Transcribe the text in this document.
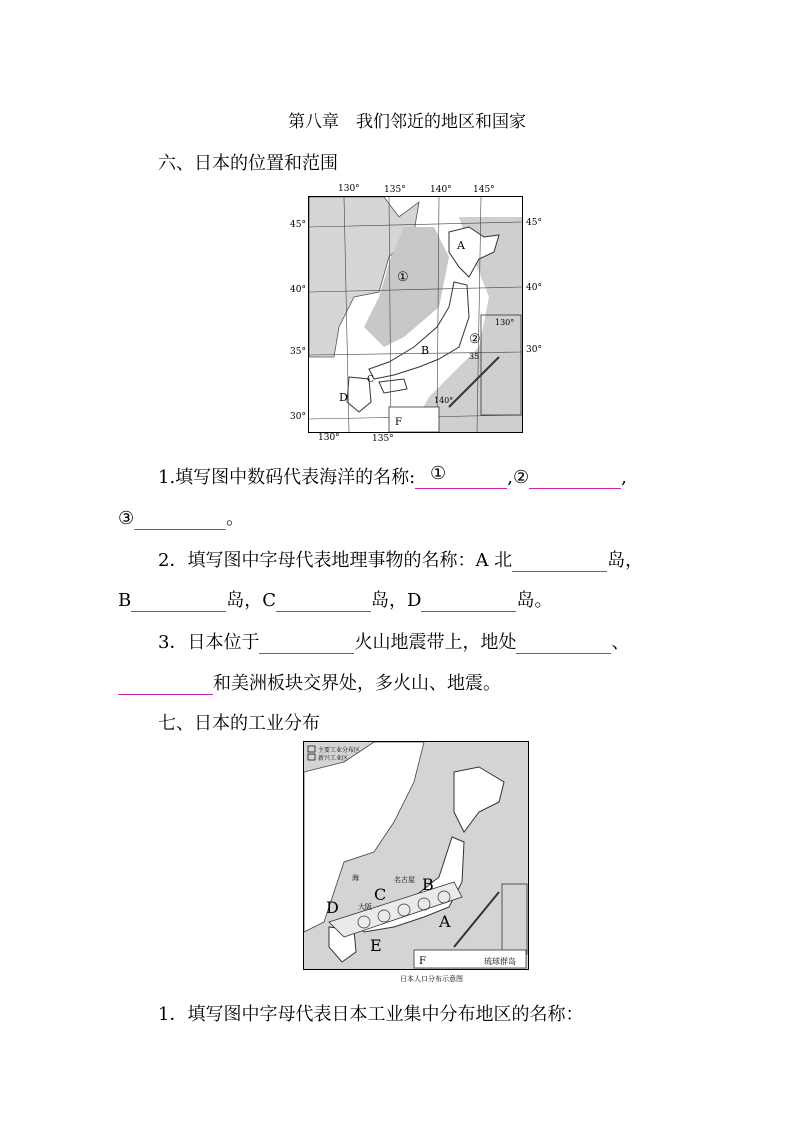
第八章　我们邻近的地区和国家
六、日本的位置和范围
A
B
C
D
①
②
130°
35
140°
F
130°	135°	140° 145°
130°	135°
45°
40°
35°
30°
45°
40°
30°
1.填写图中数码代表海洋的名称:	,②	,
③	。
①
2．填写图中字母代表地理事物的名称：A 北	岛，
B	岛，C	岛，D	岛。
3．日本位于	火山地震带上，地处	、
和美洲板块交界处，多火山、地震。
七、日本的工业分布
主要工业分布区
新兴工业区
A
B
C
D
E
海	名古屋
大阪
F	琉球群岛
日本人口分布示意图
1．填写图中字母代表日本工业集中分布地区的名称：
